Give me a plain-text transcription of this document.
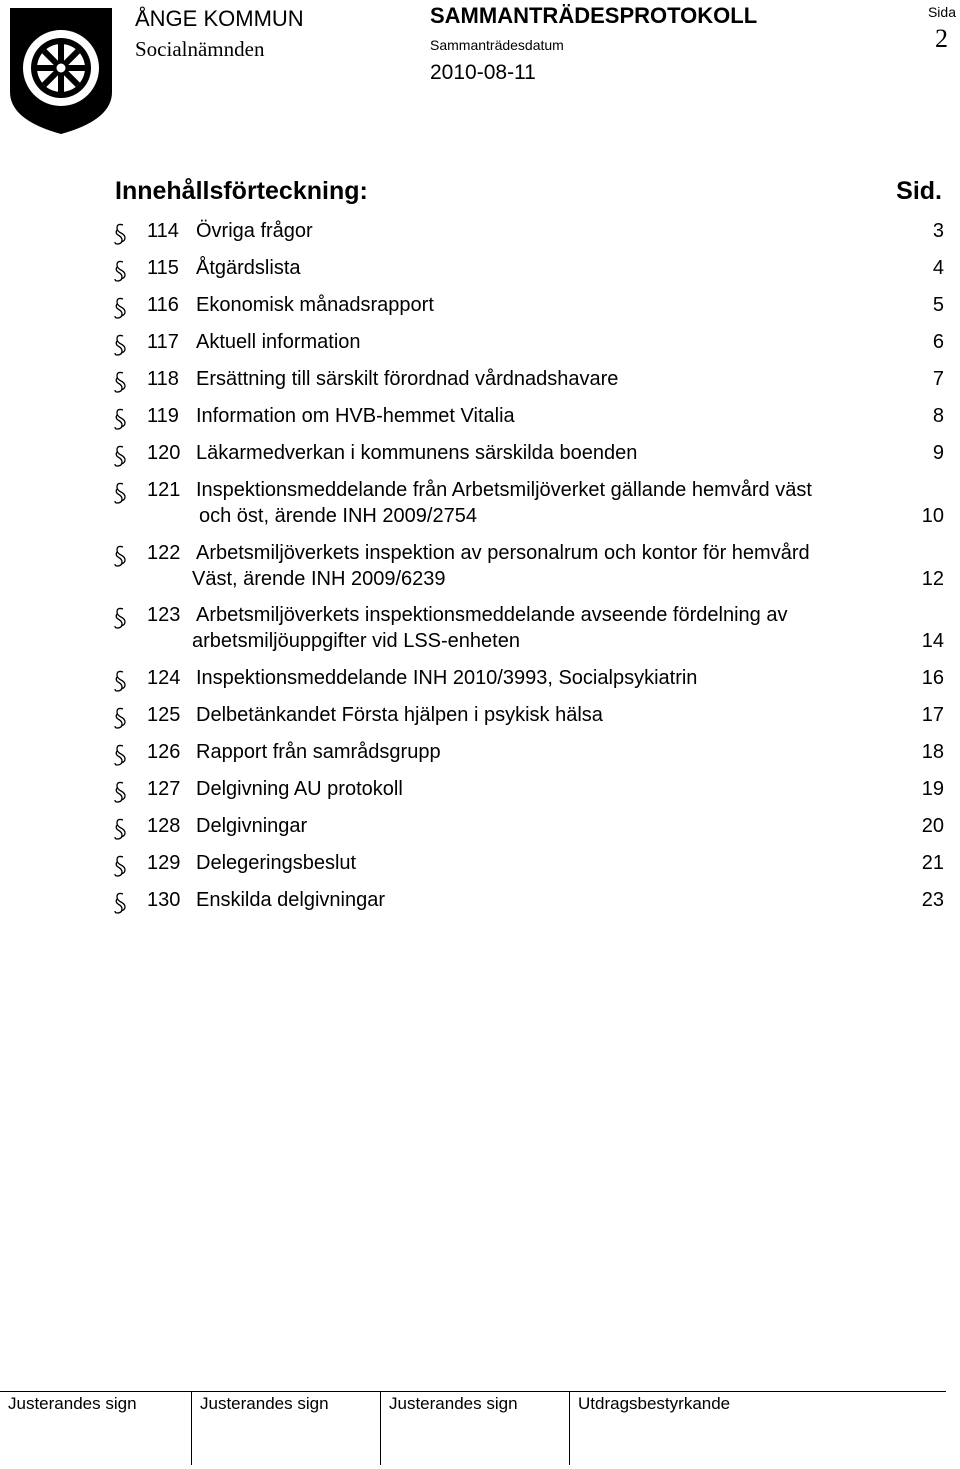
ÅNGE KOMMUN
Socialnämnden
SAMMANTRÄDESPROTOKOLL
Sammanträdesdatum
2010-08-11
Sida
2
Innehållsförteckning:	Sid.
114 Övriga frågor	3
115 Åtgärdslista	4
116 Ekonomisk månadsrapport	5
117 Aktuell information	6
118 Ersättning till särskilt förordnad vårdnadshavare	7
119 Information om HVB-hemmet Vitalia	8
120 Läkarmedverkan i kommunens särskilda boenden	9
121 Inspektionsmeddelande från Arbetsmiljöverket gällande hemvård väst
och öst, ärende INH 2009/2754	10
122 Arbetsmiljöverkets inspektion av personalrum och kontor för hemvård
Väst, ärende INH 2009/6239	12
123 Arbetsmiljöverkets inspektionsmeddelande avseende fördelning av
arbetsmiljöuppgifter vid LSS-enheten	14
124 Inspektionsmeddelande INH 2010/3993, Socialpsykiatrin	16
125 Delbetänkandet Första hjälpen i psykisk hälsa	17
126 Rapport från samrådsgrupp	18
127 Delgivning AU protokoll	19
128 Delgivningar	20
129 Delegeringsbeslut	21
130 Enskilda delgivningar	23
Justerandes sign	Justerandes sign	Justerandes sign	Utdragsbestyrkande
